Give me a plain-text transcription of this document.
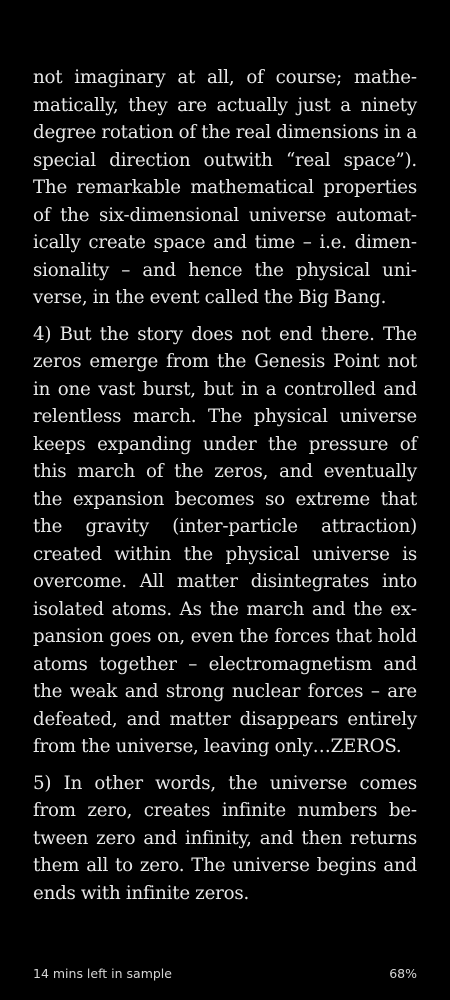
not imaginary at all, of course; mathematically, they are actually just a ninety degree rotation of the real dimensions in a special direction outwith “real space”). The remarkable mathematical properties of the six-dimensional universe automatically create space and time – i.e. dimensionality – and hence the physical universe, in the event called the Big Bang.

4) But the story does not end there. The zeros emerge from the Genesis Point not in one vast burst, but in a controlled and relentless march. The physical universe keeps expanding under the pressure of this march of the zeros, and eventually the expansion becomes so extreme that the gravity (inter-particle attraction) created within the physical universe is overcome. All matter disintegrates into isolated atoms. As the march and the expansion goes on, even the forces that hold atoms together – electromagnetism and the weak and strong nuclear forces – are defeated, and matter disappears entirely from the universe, leaving only…ZEROS.

5) In other words, the universe comes from zero, creates infinite numbers between zero and infinity, and then returns them all to zero. The universe begins and ends with infinite zeros.

14 mins left in sample	68%
